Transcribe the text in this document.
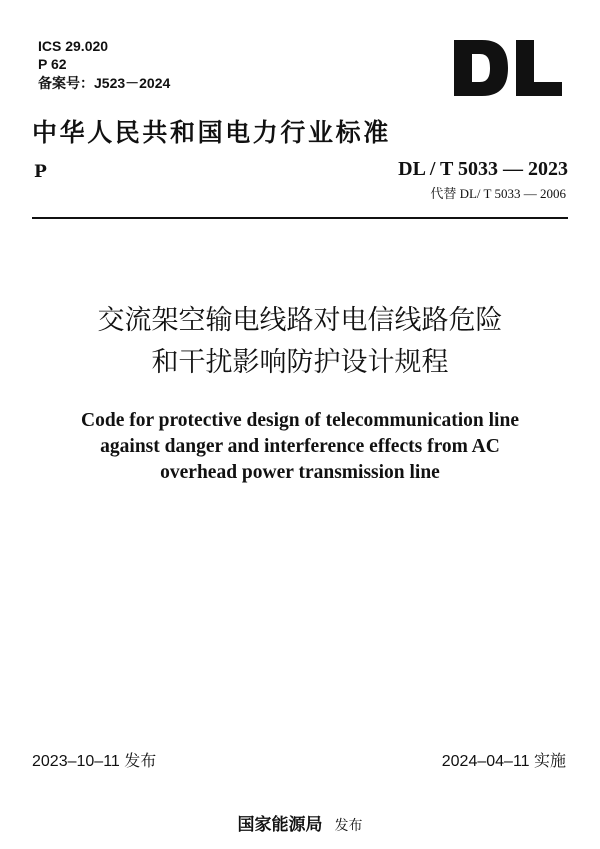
ICS 29.020
P 62
备案号：J523－2024
中华人民共和国电力行业标准
P	DL / T 5033 — 2023
代替 DL/ T 5033 — 2006
交流架空输电线路对电信线路危险
和干扰影响防护设计规程
Code for protective design of telecommunication line
against danger and interference effects from AC
overhead power transmission line
2023–10–11 发布	2024–04–11 实施
国家能源局 发布
